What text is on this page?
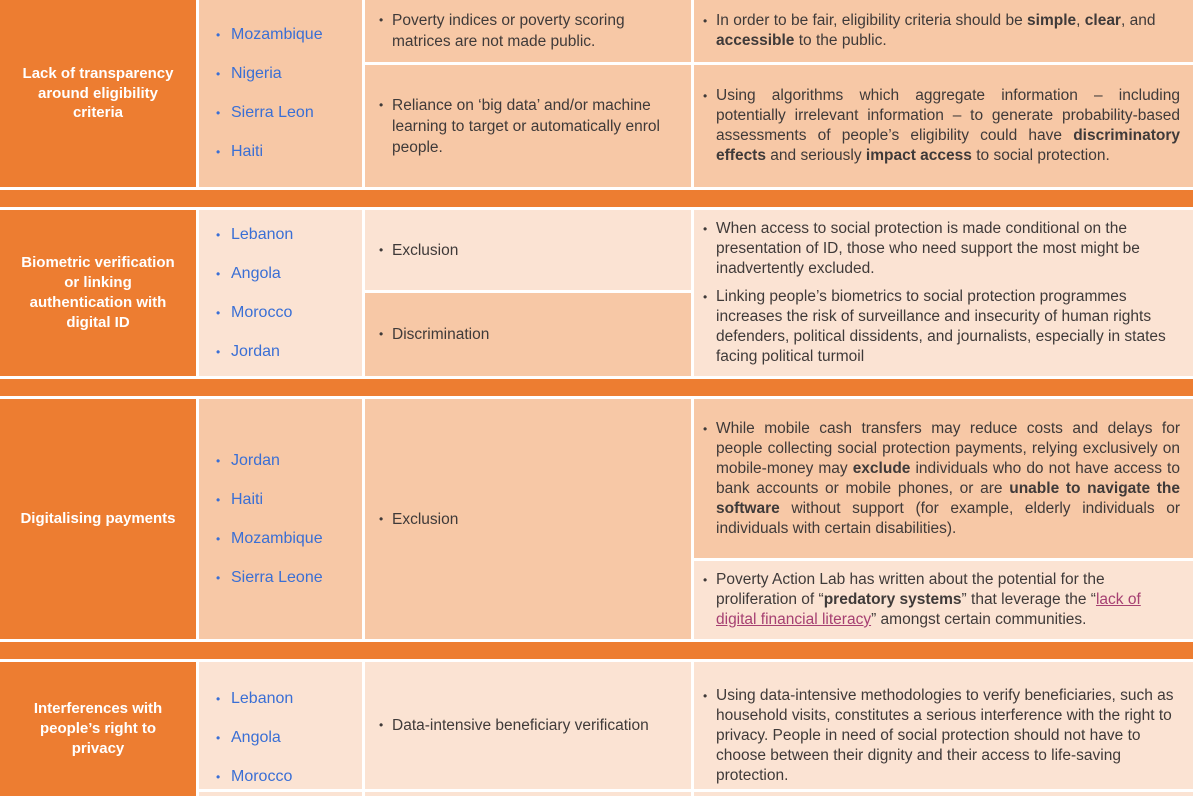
Lack of transparency around eligibility criteria
• Mozambique
• Nigeria
• Sierra Leon
• Haiti
• Poverty indices or poverty scoring matrices are not made public.
• Reliance on ‘big data’ and/or machine learning to target or automatically enrol people.
• In order to be fair, eligibility criteria should be simple, clear, and accessible to the public.
• Using algorithms which aggregate information – including potentially irrelevant information – to generate probability-based assessments of people’s eligibility could have discriminatory effects and seriously impact access to social protection.
Biometric verification or linking authentication with digital ID
• Lebanon
• Angola
• Morocco
• Jordan
• Exclusion
• Discrimination
• When access to social protection is made conditional on the presentation of ID, those who need support the most might be inadvertently excluded.
• Linking people’s biometrics to social protection programmes increases the risk of surveillance and insecurity of human rights defenders, political dissidents, and journalists, especially in states facing political turmoil
Digitalising payments
• Jordan
• Haiti
• Mozambique
• Sierra Leone
• Exclusion
• While mobile cash transfers may reduce costs and delays for people collecting social protection payments, relying exclusively on mobile-money may exclude individuals who do not have access to bank accounts or mobile phones, or are unable to navigate the software without support (for example, elderly individuals or individuals with certain disabilities).
• Poverty Action Lab has written about the potential for the proliferation of “predatory systems” that leverage the “lack of digital financial literacy” amongst certain communities.
Interferences with people’s right to privacy
• Lebanon
• Angola
• Morocco
• Data-intensive beneficiary verification
• Using data-intensive methodologies to verify beneficiaries, such as household visits, constitutes a serious interference with the right to privacy. People in need of social protection should not have to choose between their dignity and their access to life-saving protection.
